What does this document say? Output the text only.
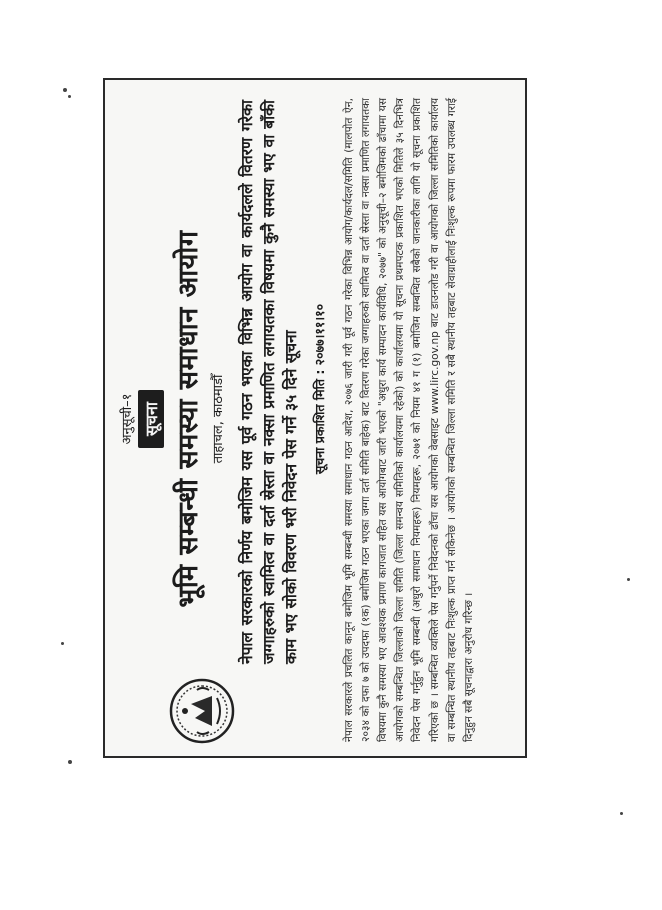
अनुसूची–१ सूचना भूमि सम्बन्धी समस्या समाधान आयोग ताहाचल, काठमाडौँ नेपाल सरकारको निर्णय बमोजिम यस पूर्व गठन भएका विभिन्न आयोग वा कार्यदलले वितरण गरेका जग्गाहरुको स्वामित्व वा दर्ता स्रेस्ता वा नक्सा प्रमाणित लगायतका विषयमा कुनै समस्या भए वा बाँकी काम भए सोको विवरण भरी निवेदन पेस गर्ने ३५ दिने सूचना सूचना प्रकाशित मिति : २०७७।११।१० नेपाल सरकारले प्रचलित कानून बमोजिम भूमि सम्बन्धी समस्या समाधान गठन आदेश, २०७६ जारी गरी पूर्व गठन गरेका विभिन्न आयोग/कार्यदल/समिति (मालपोत ऐन, २०३४ को दफा ७ को उपदफा (१क) बमोजिम गठन भएका जग्गा दर्ता समिति बाहेक) बाट वितरण गरेका जग्गाहरुको स्वामित्व वा दर्ता स्रेस्ता वा नक्सा प्रमाणित लगायतका विषयमा कुनै समस्या भए आवश्यक प्रमाण कागजात सहित यस आयोगबाट जारी भएको "अधुरा कार्य सम्पादन कार्यविधि, २०७७" को अनुसूची–२ बमोजिमको ढाँचामा यस आयोगको सम्बन्धित जिल्लाको जिल्ला समिति (जिल्ला समन्वय समितिको कार्यालयमा रहेको) को कार्यालयमा यो सूचना प्रथमपटक प्रकाशित भएको मितिले ३५ दिनभित्र निवेदन पेस गर्नुहुन भूमि सम्बन्धी (अधुरो समाधान नियमहरू) नियमहरू, २०७१ को नियम ४१ ग (१) बमोजिम सम्बन्धित सबैको जानकारीका लागि यो सूचना प्रकाशित गरिएको छ । सम्बन्धित व्यक्तिले पेस गर्नुपर्ने निवेदनको ढाँचा यस आयोगको वेबसाइट www.lirc.gov.np बाट डाउनलोड गरी वा आयोगको जिल्ला समितिको कार्यालय वा सम्बन्धित स्थानीय तहबाट निःशुल्क प्राप्त गर्न सकिनेछ । आयोगको सम्बन्धित जिल्ला समिति र सबै स्थानीय तहबाट सेवाग्राहीलाई निःशुल्क रूपमा फारम उपलब्ध गराई दिनुहुन सबै सूचनाद्वारा अनुरोध गरिन्छ ।
